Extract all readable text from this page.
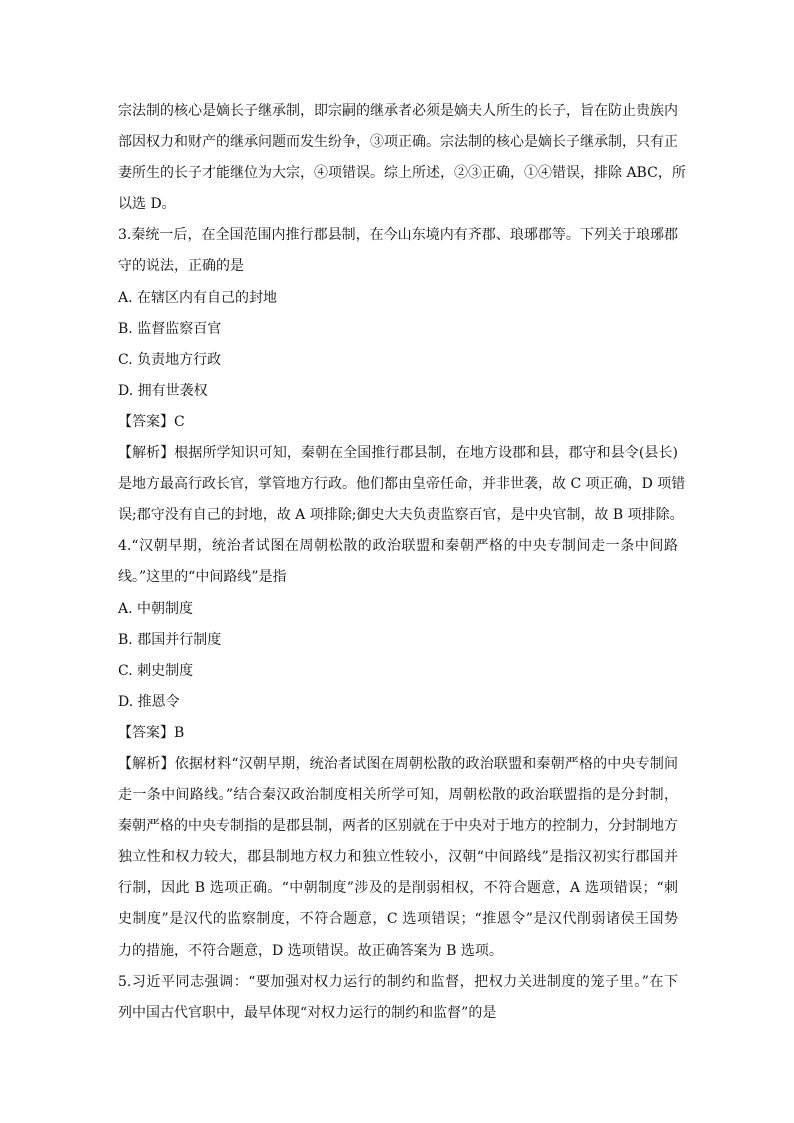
宗法制的核心是嫡长子继承制，即宗嗣的继承者必须是嫡夫人所生的长子，旨在防止贵族内
部因权力和财产的继承问题而发生纷争，③项正确。宗法制的核心是嫡长子继承制，只有正
妻所生的长子才能继位为大宗，④项错误。综上所述，②③正确，①④错误，排除 ABC，所
以选 D。
3.秦统一后，在全国范围内推行郡县制，在今山东境内有齐郡、琅琊郡等。下列关于琅琊郡
守的说法，正确的是
A. 在辖区内有自己的封地
B. 监督监察百官
C. 负责地方行政
D. 拥有世袭权
【答案】C
【解析】根据所学知识可知，秦朝在全国推行郡县制，在地方设郡和县，郡守和县令(县长)
是地方最高行政长官，掌管地方行政。他们都由皇帝任命，并非世袭，故 C 项正确，D 项错
误;郡守没有自己的封地，故 A 项排除;御史大夫负责监察百官，是中央官制，故 B 项排除。
4.“汉朝早期，统治者试图在周朝松散的政治联盟和秦朝严格的中央专制间走一条中间路
线。”这里的“中间路线”是指
A. 中朝制度
B. 郡国并行制度
C. 刺史制度
D. 推恩令
【答案】B
【解析】依据材料“汉朝早期，统治者试图在周朝松散的政治联盟和秦朝严格的中央专制间
走一条中间路线。”结合秦汉政治制度相关所学可知，周朝松散的政治联盟指的是分封制，
秦朝严格的中央专制指的是郡县制，两者的区别就在于中央对于地方的控制力，分封制地方
独立性和权力较大，郡县制地方权力和独立性较小，汉朝“中间路线”是指汉初实行郡国并
行制，因此 B 选项正确。“中朝制度”涉及的是削弱相权，不符合题意，A 选项错误；“刺
史制度”是汉代的监察制度，不符合题意，C 选项错误；“推恩令”是汉代削弱诸侯王国势
力的措施，不符合题意，D 选项错误。故正确答案为 B 选项。
5.习近平同志强调：“要加强对权力运行的制约和监督，把权力关进制度的笼子里。”在下
列中国古代官职中，最早体现“对权力运行的制约和监督”的是
